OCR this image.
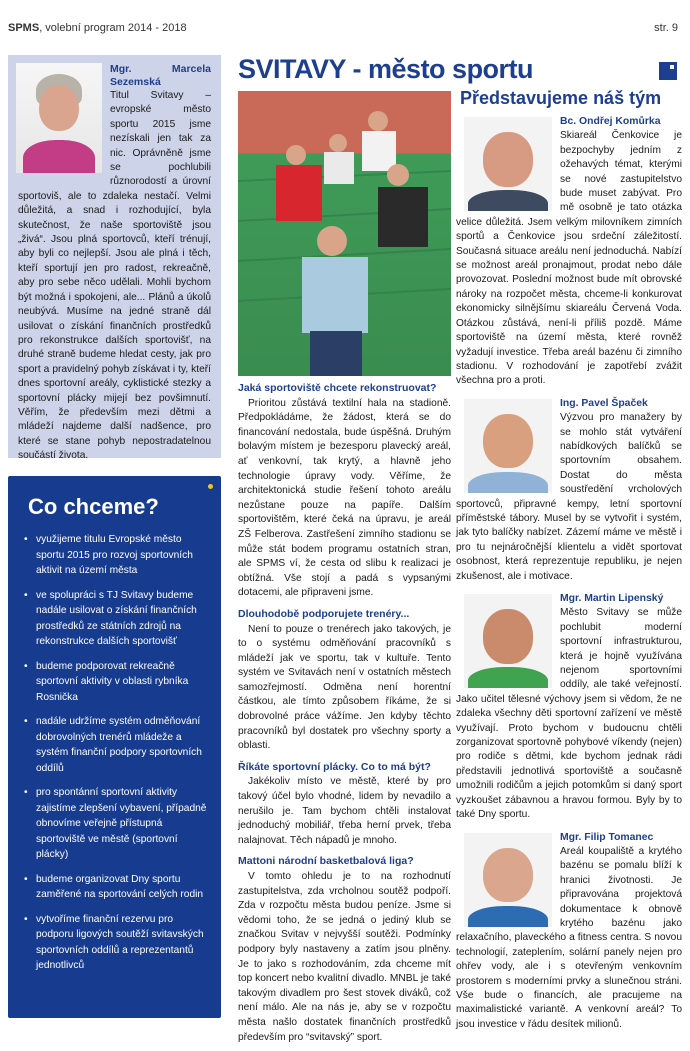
SPMS, volební program 2014 - 2018	str. 9
Mgr. Marcela Sezemská
Titul Svitavy – evropské město sportu 2015 jsme nezískali jen tak za nic. Oprávněně jsme se pochlubili různorodostí a úrovní sportoviš, ale to zdaleka nestačí. Velmi důležitá, a snad i rozhodující, byla skutečnost, že naše sportoviště jsou „živá“. Jsou plná sportovců, kteří trénují, aby byli co nejlepší. Jsou ale plná i těch, kteří sportují jen pro radost, rekreačně, aby pro sebe něco udělali. Mohli bychom být možná i spokojeni, ale... Plánů a úkolů neubývá. Musíme na jedné straně dál usilovat o získání finančních prostředků pro rekonstrukce dalších sportovišť, na druhé straně budeme hledat cesty, jak pro sport a pravidelný pohyb získávat i ty, kteří dnes sportovní areály, cyklistické stezky a sportovní plácky mijejí bez povšimnutí. Věřím, že především mezi dětmi a mládeží najdeme další nadšence, pro které se stane pohyb nepostradatelnou součástí života.
Co chceme?
• využijeme titulu Evropské město sportu 2015 pro rozvoj sportovních aktivit na území města
• ve spolupráci s TJ Svitavy budeme nadále usilovat o získání finančních prostředků ze státních zdrojů na rekonstrukce dalších sportovišť
• budeme podporovat rekreačně sportovní aktivity v oblasti rybníka Rosnička
• nadále udržíme systém odměňování dobrovolných trenérů mládeže a systém finanční podpory sportovních oddílů
• pro spontánní sportovní aktivity zajistíme zlepšení vybavení, případně obnovíme veřejně přístupná sportoviště ve městě (sportovní plácky)
• budeme organizovat Dny sportu zaměřené na sportování celých rodin
• vytvoříme finanční rezervu pro podporu ligových soutěží svitavských sportovních oddílů a reprezentantů jednotlivců
SVITAVY - město sportu

Jaká sportoviště chcete rekonstruovat?

Prioritou zůstává textilní hala na stadioně. Předpokládáme, že žádost, která se do financování nedostala, bude úspěšná. Druhým bolavým místem je bezesporu plavecký areál, ať venkovní, tak krytý, a hlavně jeho technologie úpravy vody. Věříme, že architektonická studie řešení tohoto areálu nezůstane pouze na papíře. Dalším sportovištěm, které čeká na úpravu, je areál ZŠ Felberova. Zastřešení zimního stadionu se může stát bodem programu ostatních stran, ale SPMS ví, že cesta od slibu k realizaci je obtížná. Vše stojí a padá s vypsanými dotacemi, ale připraveni jsme.

Dlouhodobě podporujete trenéry...

Není to pouze o trenérech jako takových, je to o systému odměňování pracovníků s mládeží jak ve sportu, tak v kultuře. Tento systém ve Svitavách není v ostatních městech samozřejmostí. Odměna není horentní částkou, ale tímto způsobem říkáme, že si dobrovolné práce vážíme. Jen kdyby těchto pracovníků byl dostatek pro všechny sporty a oblasti.

Říkáte sportovní plácky. Co to má být?

Jakékoliv místo ve městě, které by pro takový účel bylo vhodné, lidem by nevadilo a nerušilo je. Tam bychom chtěli instalovat jednoduchý mobiliář, třeba herní prvek, třeba nalajnovat. Těch nápadů je mnoho.

Mattoni národní basketbalová liga?

V tomto ohledu je to na rozhodnutí zastupitelstva, zda vrcholnou soutěž podpoří. Zda v rozpočtu města budou peníze. Jsme si vědomi toho, že se jedná o jediný klub se značkou Svitav v nejvyšší soutěži. Podmínky podpory byly nastaveny a zatím jsou plněny. Je to jako s rozhodováním, zda chceme mít top koncert nebo kvalitní divadlo. MNBL je také takovým divadlem pro šest stovek diváků, což není málo. Ale na nás je, aby se v rozpočtu města našlo dostatek finančních prostředků především pro “svitavský” sport.

Představujeme náš tým
Bc. Ondřej Komůrka
Skiareál Čenkovice je bezpochyby jedním z ožehavých témat, kterými se nové zastupitelstvo bude muset zabývat. Pro mě osobně je tato otázka velice důležitá. Jsem velkým milovníkem zimních sportů a Čenkovice jsou srdeční záležitostí. Současná situace areálu není jednoduchá. Nabízí se možnost areál pronajmout, prodat nebo dále provozovat. Poslední možnost bude mít obrovské nároky na rozpočet města, chceme-li konkurovat ekonomicky silnějšímu skiareálu Červená Voda. Otázkou zůstává, není-li příliš pozdě. Máme sportoviště na území města, které rovněž vyžadují investice. Třeba areál bazénu či zimního stadionu. V rozhodování je zapotřebí zvážit všechna pro a proti.
Ing. Pavel Špaček
Výzvou pro manažery by se mohlo stát vytváření nabídkových balíčků se sportovním obsahem. Dostat do města soustředění vrcholových sportovců, připravné kempy, letní sportovní příměstské tábory. Musel by se vytvořit i systém, jak tyto balíčky nabízet. Zázemí máme ve městě i pro tu nejnáročnější klientelu a vidět sportovat osobnost, která reprezentuje republiku, je nejen zkušenost, ale i motivace.
Mgr. Martin Lipenský
Město Svitavy se může pochlubit moderní sportovní infrastrukturou, která je hojně využívána nejenom sportovními oddíly, ale také veřejností. Jako učitel tělesné výchovy jsem si vědom, že ne zdaleka všechny děti sportovní zařízení ve městě využívají. Proto bychom v budoucnu chtěli zorganizovat sportovně pohybové víkendy (nejen) pro rodiče s dětmi, kde bychom jednak rádi představili jednotlivá sportoviště a současně umožnili rodičům a jejich potomkům si daný sport vyzkoušet zábavnou a hravou formou. Byly by to také Dny sportu.
Mgr. Filip Tomanec
Areál koupaliště a krytého bazénu se pomalu blíží k hranici životnosti. Je připravována projektová dokumentace k obnově krytého bazénu jako relaxačního, plaveckého a fitness centra. S novou technologií, zateplením, solární panely nejen pro ohřev vody, ale i s otevřeným venkovním prostorem s moderními prvky a slunečnou stráni. Vše bude o financích, ale pracujeme na maximalistické variantě. A venkovní areál? To jsou investice v řádu desítek milionů.
